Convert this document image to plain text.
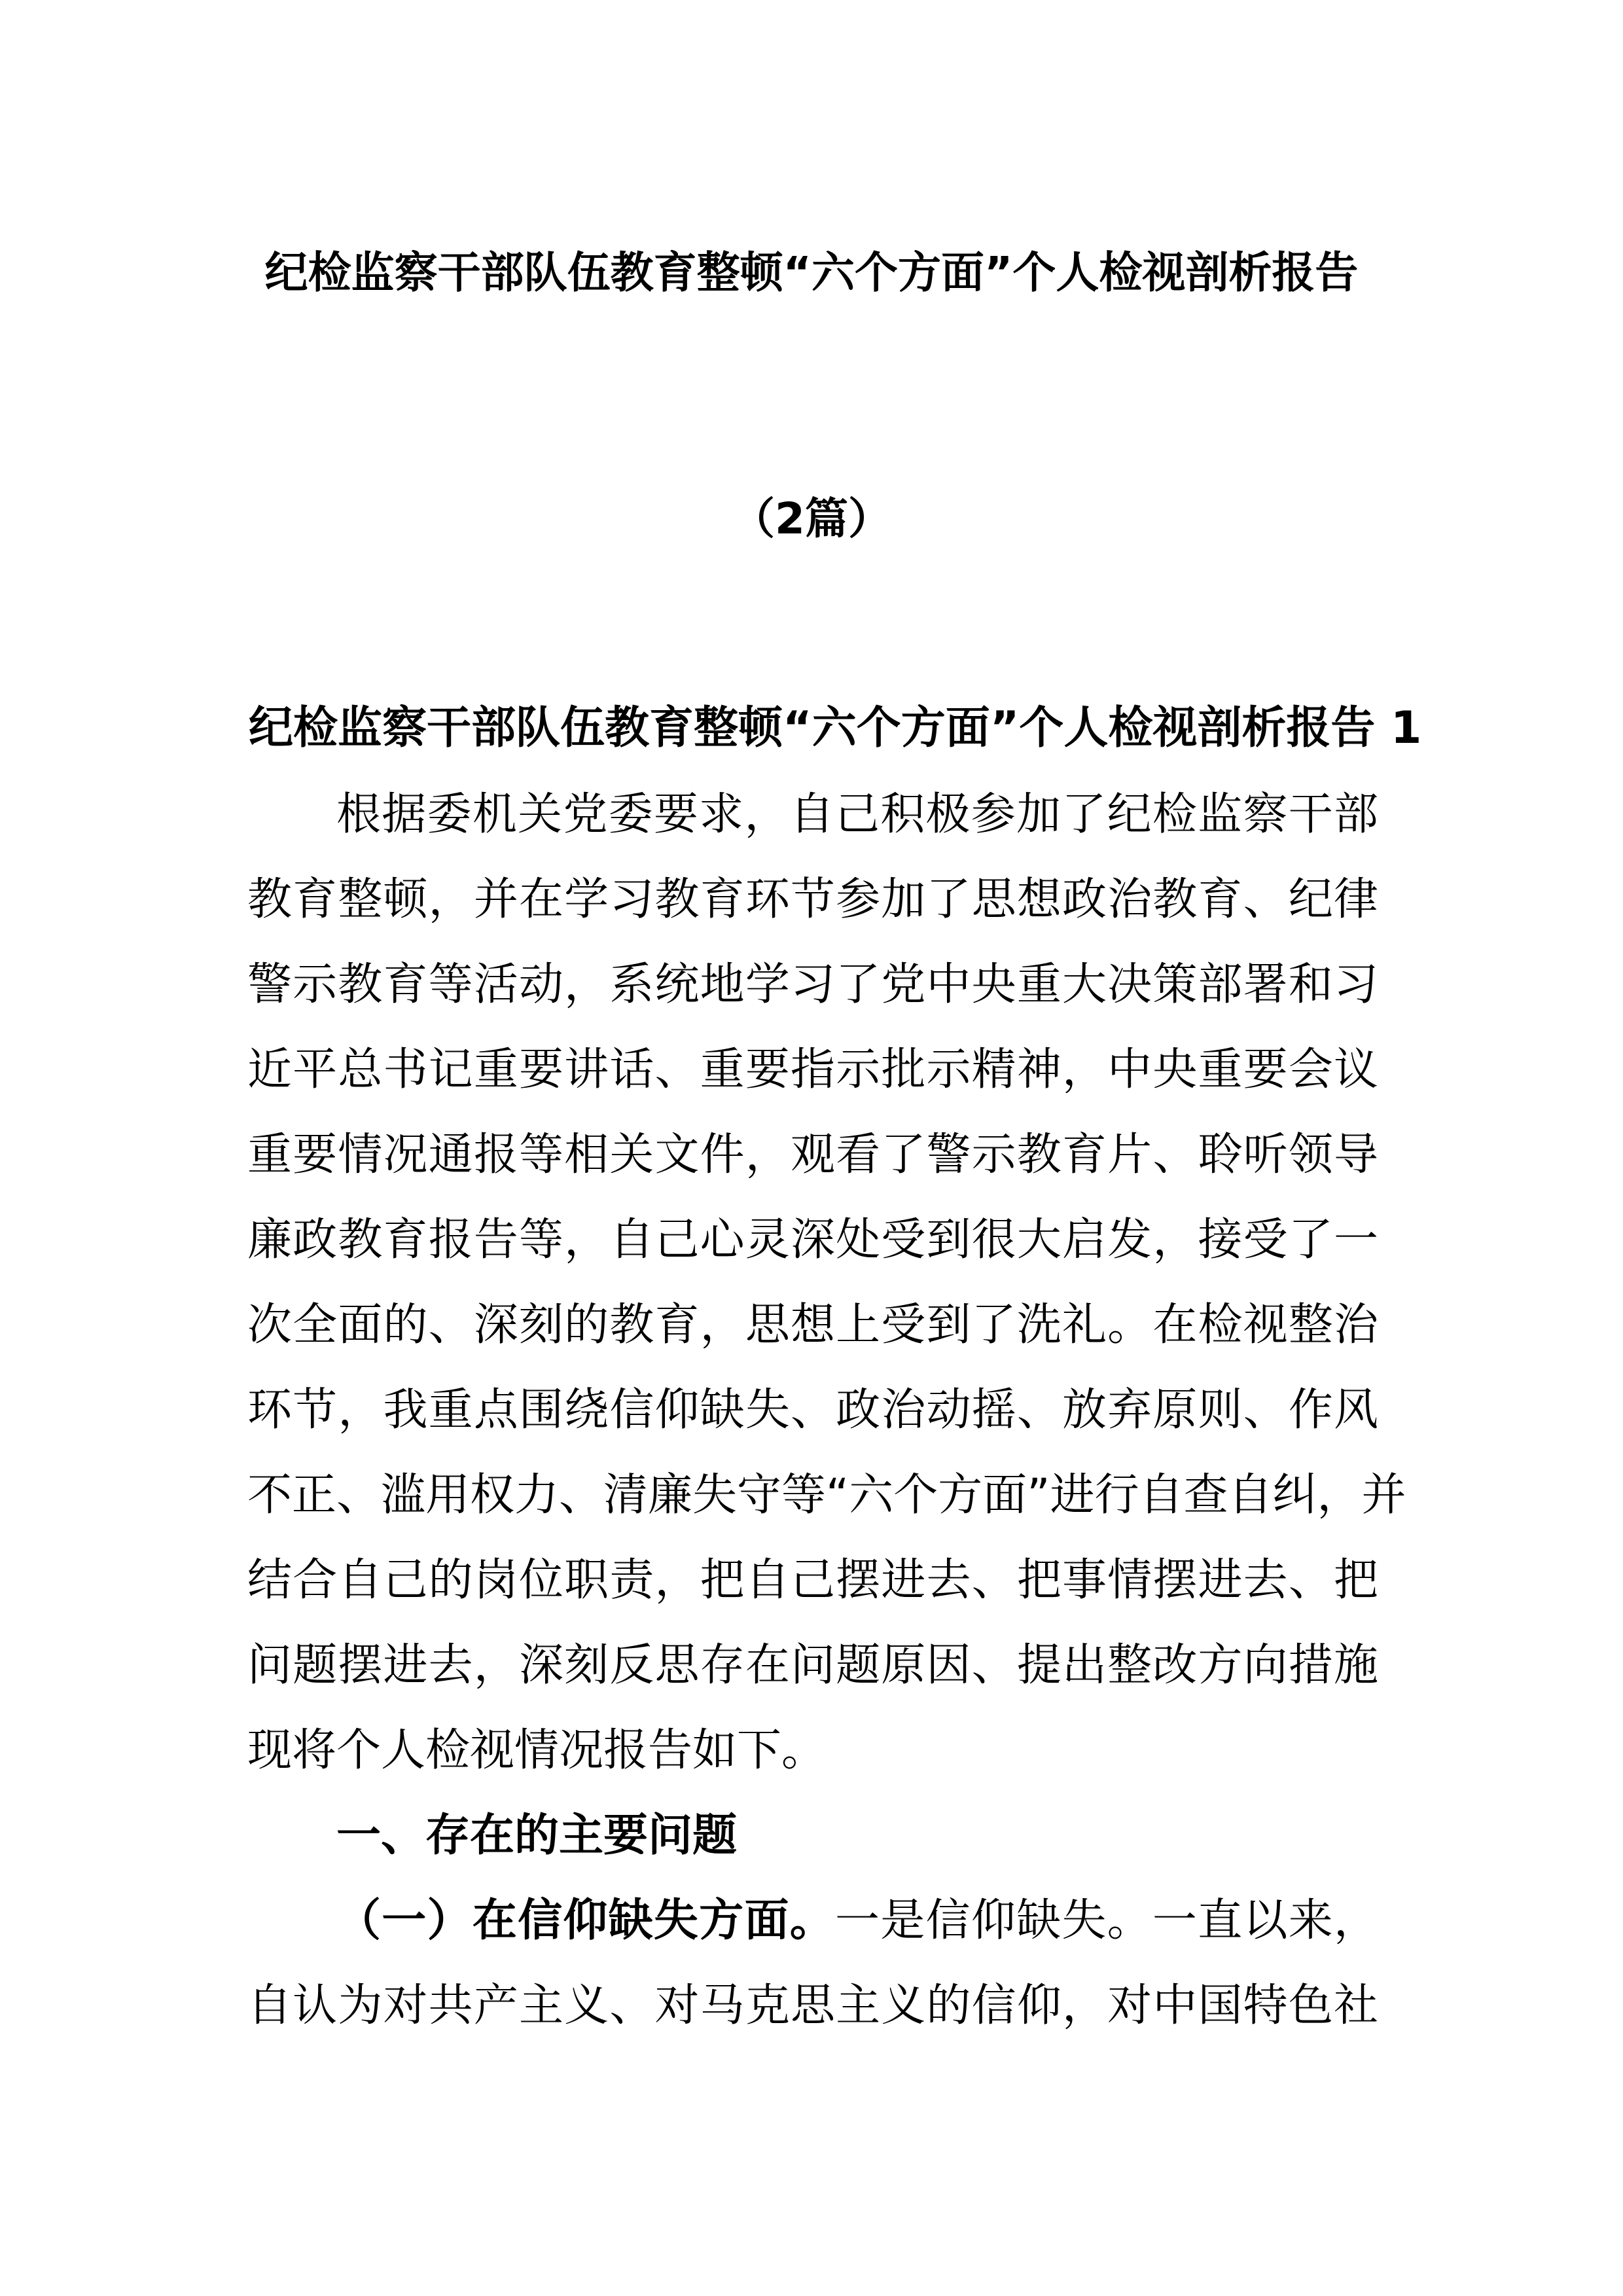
纪检监察干部队伍教育整顿“六个方面”个人检视剖析报告
（2篇）
纪检监察干部队伍教育整顿“六个方面”个人检视剖析报告 1
根据委机关党委要求，自己积极参加了纪检监察干部
教育整顿，并在学习教育环节参加了思想政治教育、纪律
警示教育等活动，系统地学习了党中央重大决策部署和习
近平总书记重要讲话、重要指示批示精神，中央重要会议
重要情况通报等相关文件，观看了警示教育片、聆听领导
廉政教育报告等，自己心灵深处受到很大启发，接受了一
次全面的、深刻的教育，思想上受到了洗礼。在检视整治
环节，我重点围绕信仰缺失、政治动摇、放弃原则、作风
不正、滥用权力、清廉失守等“六个方面”进行自查自纠，并
结合自己的岗位职责，把自己摆进去、把事情摆进去、把
问题摆进去，深刻反思存在问题原因、提出整改方向措施
现将个人检视情况报告如下。
一、存在的主要问题
（一）在信仰缺失方面。一是信仰缺失。一直以来，
自认为对共产主义、对马克思主义的信仰，对中国特色社
